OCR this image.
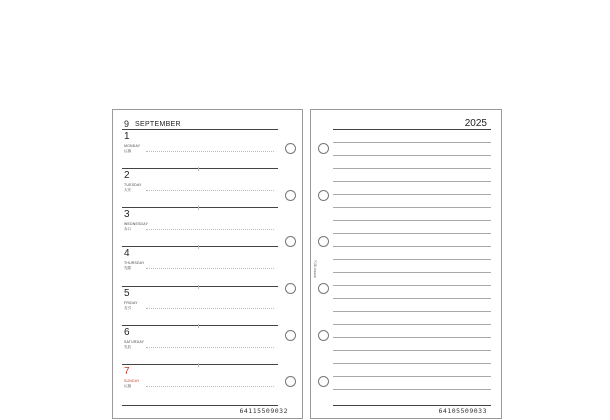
9 SEPTEMBER
1
MONDAY
仏滅
2
TUESDAY
大安
3
WEDNESDAY
赤口
4
THURSDAY
先勝
5
FRIDAY
友引
6
SATURDAY
先負
7
SUNDAY
仏滅
64115509032
2025
memo 메모
64105509033
